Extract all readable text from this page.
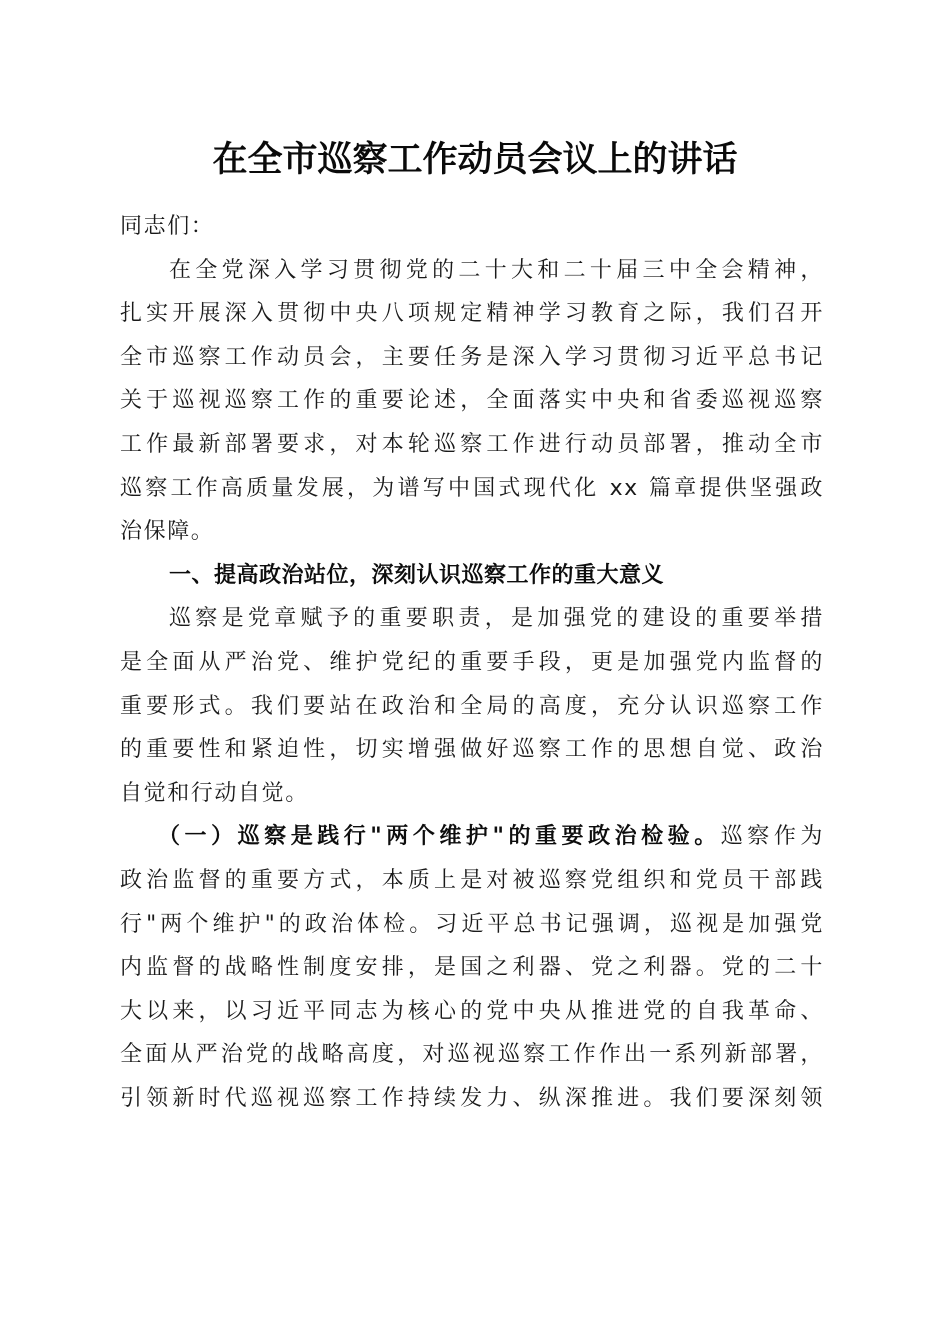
在全市巡察工作动员会议上的讲话
同志们：
在全党深入学习贯彻党的二十大和二十届三中全会精神，
扎实开展深入贯彻中央八项规定精神学习教育之际，我们召开
全市巡察工作动员会，主要任务是深入学习贯彻习近平总书记
关于巡视巡察工作的重要论述，全面落实中央和省委巡视巡察
工作最新部署要求，对本轮巡察工作进行动员部署，推动全市
巡察工作高质量发展，为谱写中国式现代化 xx 篇章提供坚强政
治保障。
一、提高政治站位，深刻认识巡察工作的重大意义
巡察是党章赋予的重要职责，是加强党的建设的重要举措
是全面从严治党、维护党纪的重要手段，更是加强党内监督的
重要形式。我们要站在政治和全局的高度，充分认识巡察工作
的重要性和紧迫性，切实增强做好巡察工作的思想自觉、政治
自觉和行动自觉。
（一）巡察是践行"两个维护"的重要政治检验。巡察作为
政治监督的重要方式，本质上是对被巡察党组织和党员干部践
行"两个维护"的政治体检。习近平总书记强调，巡视是加强党
内监督的战略性制度安排，是国之利器、党之利器。党的二十
大以来，以习近平同志为核心的党中央从推进党的自我革命、
全面从严治党的战略高度，对巡视巡察工作作出一系列新部署，
引领新时代巡视巡察工作持续发力、纵深推进。我们要深刻领
